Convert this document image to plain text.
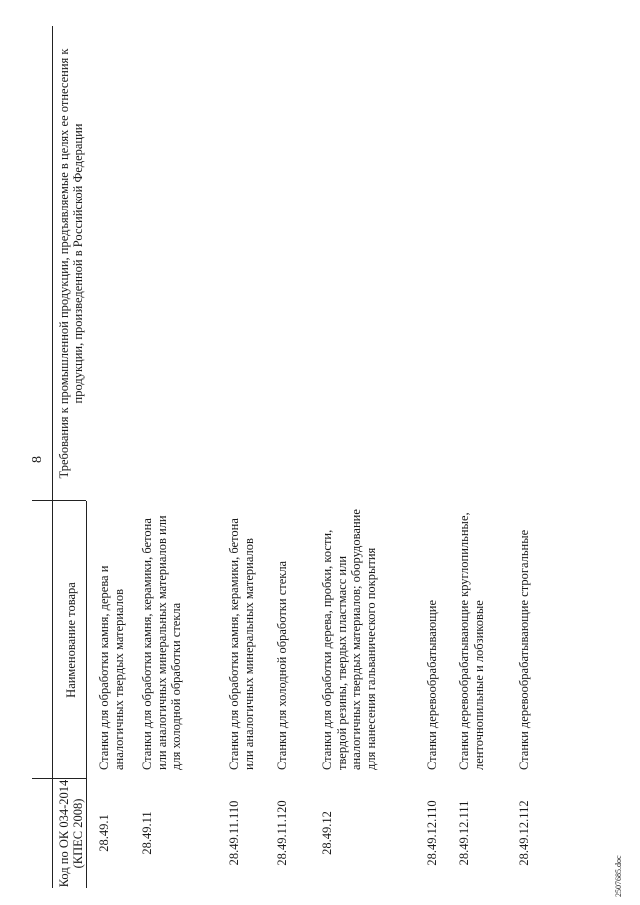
8
Код по ОК 034-2014 (КПЕС 2008)
Наименование товара
Требования к промышленной продукции, предъявляемые в целях ее отнесения к продукции, произведенной в Российской Федерации
28.49.1
Станки для обработки камня, дерева и аналогичных твердых материалов
28.49.11
Станки для обработки камня, керамики, бетона или аналогичных минеральных материалов или для холодной обработки стекла
28.49.11.110
Станки для обработки камня, керамики, бетона или аналогичных минеральных материалов
28.49.11.120
Станки для холодной обработки стекла
28.49.12
Станки для обработки дерева, пробки, кости, твердой резины, твердых пластмасс или аналогичных твердых материалов; оборудование для нанесения гальванического покрытия
28.49.12.110
Станки деревообрабатывающие
28.49.12.111
Станки деревообрабатывающие круглопильные, ленточнопильные и лобзиковые
28.49.12.112
Станки деревообрабатывающие строгальные
2507685.doc
